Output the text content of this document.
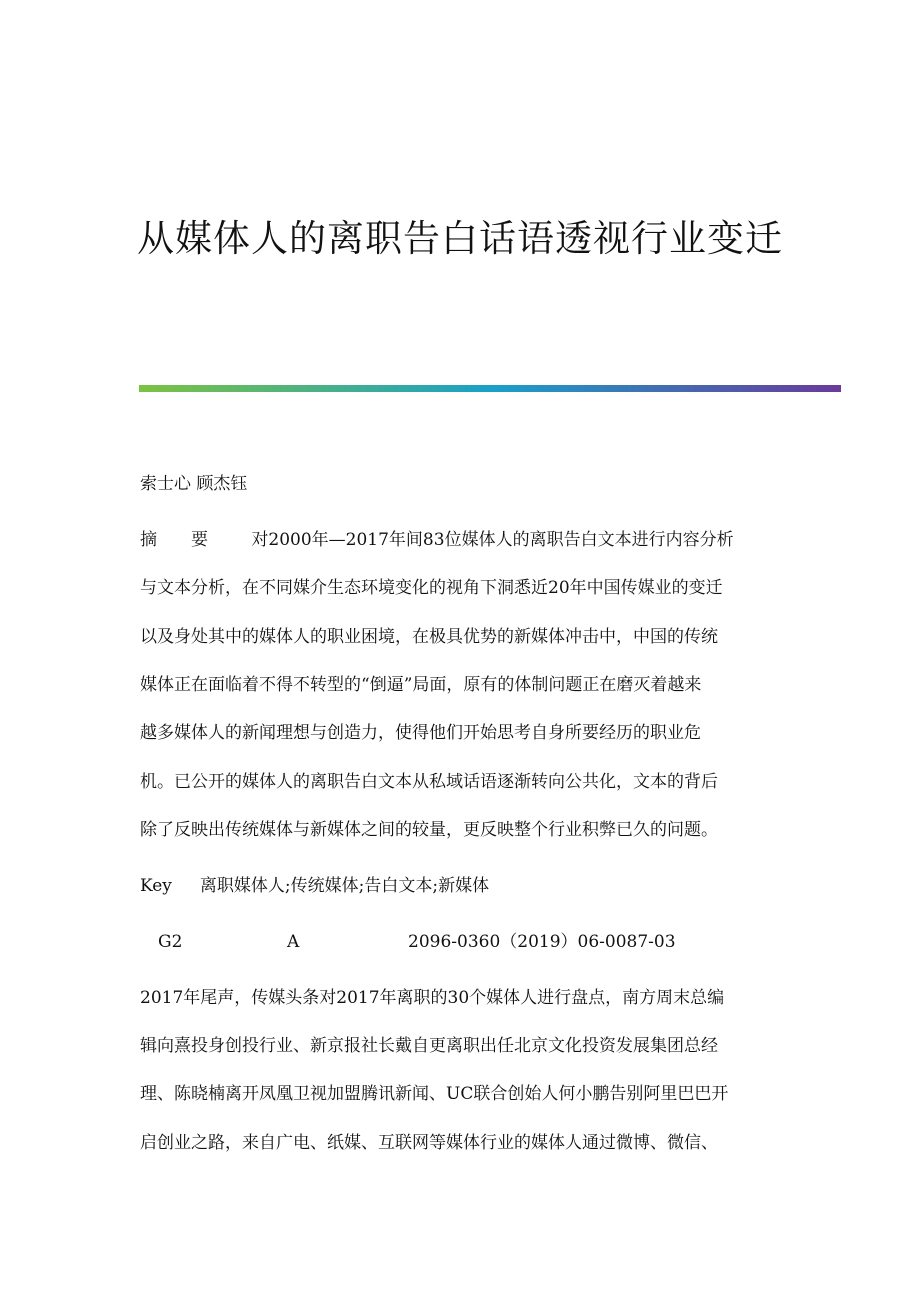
从媒体人的离职告白话语透视行业变迁
索士心 顾杰钰
摘 要	对2000年—2017年间83位媒体人的离职告白文本进行内容分析
与文本分析，在不同媒介生态环境变化的视角下洞悉近20年中国传媒业的变迁
以及身处其中的媒体人的职业困境，在极具优势的新媒体冲击中，中国的传统
媒体正在面临着不得不转型的“倒逼”局面，原有的体制问题正在磨灭着越来
越多媒体人的新闻理想与创造力，使得他们开始思考自身所要经历的职业危
机。已公开的媒体人的离职告白文本从私域话语逐渐转向公共化，文本的背后
除了反映出传统媒体与新媒体之间的较量，更反映整个行业积弊已久的问题。
Key 离职媒体人;传统媒体;告白文本;新媒体
G2	A	2096-0360（2019）06-0087-03
2017年尾声，传媒头条对2017年离职的30个媒体人进行盘点，南方周末总编
辑向熹投身创投行业、新京报社长戴自更离职出任北京文化投资发展集团总经
理、陈晓楠离开凤凰卫视加盟腾讯新闻、UC联合创始人何小鹏告别阿里巴巴开
启创业之路，来自广电、纸媒、互联网等媒体行业的媒体人通过微博、微信、
